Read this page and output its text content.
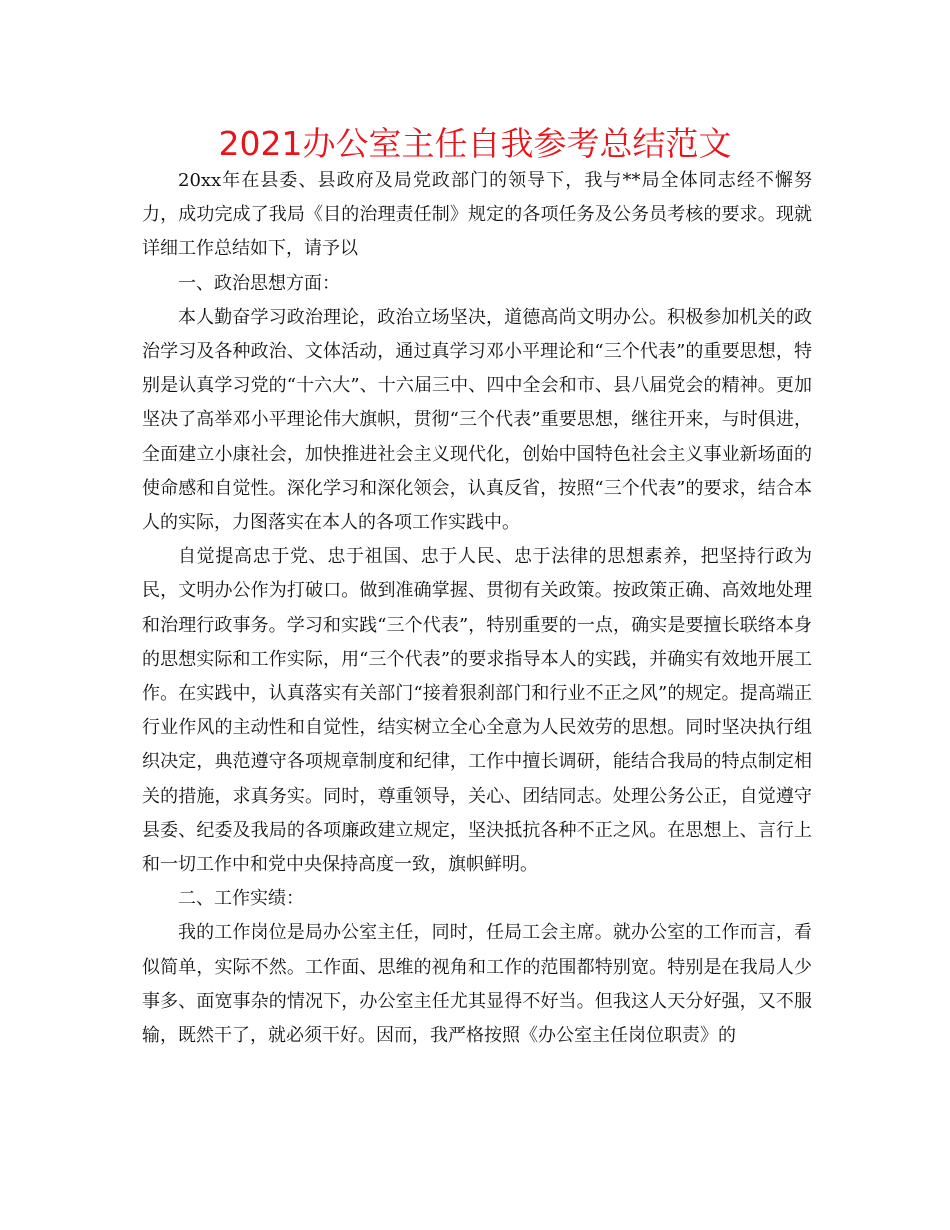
2021办公室主任自我参考总结范文

20xx年在县委、县政府及局党政部门的领导下，我与**局全体同志经不懈努力，成功完成了我局《目的治理责任制》规定的各项任务及公务员考核的要求。现就详细工作总结如下，请予以

一、政治思想方面：

本人勤奋学习政治理论，政治立场坚决，道德高尚文明办公。积极参加机关的政治学习及各种政治、文体活动，通过真学习邓小平理论和“三个代表”的重要思想，特别是认真学习党的“十六大”、十六届三中、四中全会和市、县八届党会的精神。更加坚决了高举邓小平理论伟大旗帜，贯彻“三个代表”重要思想，继往开来，与时俱进，全面建立小康社会，加快推进社会主义现代化，创始中国特色社会主义事业新场面的使命感和自觉性。深化学习和深化领会，认真反省，按照“三个代表”的要求，结合本人的实际，力图落实在本人的各项工作实践中。

自觉提高忠于党、忠于祖国、忠于人民、忠于法律的思想素养，把坚持行政为民，文明办公作为打破口。做到准确掌握、贯彻有关政策。按政策正确、高效地处理和治理行政事务。学习和实践“三个代表”，特别重要的一点，确实是要擅长联络本身的思想实际和工作实际，用“三个代表”的要求指导本人的实践，并确实有效地开展工作。在实践中，认真落实有关部门“接着狠刹部门和行业不正之风”的规定。提高端正行业作风的主动性和自觉性，结实树立全心全意为人民效劳的思想。同时坚决执行组织决定，典范遵守各项规章制度和纪律，工作中擅长调研，能结合我局的特点制定相关的措施，求真务实。同时，尊重领导，关心、团结同志。处理公务公正，自觉遵守县委、纪委及我局的各项廉政建立规定，坚決抵抗各种不正之风。在思想上、言行上和一切工作中和党中央保持高度一致，旗帜鲜明。

二、工作实绩：

我的工作岗位是局办公室主任，同时，任局工会主席。就办公室的工作而言，看似简单，实际不然。工作面、思维的视角和工作的范围都特别宽。特别是在我局人少事多、面宽事杂的情况下，办公室主任尤其显得不好当。但我这人天分好强，又不服输，既然干了，就必须干好。因而，我严格按照《办公室主任岗位职责》的
